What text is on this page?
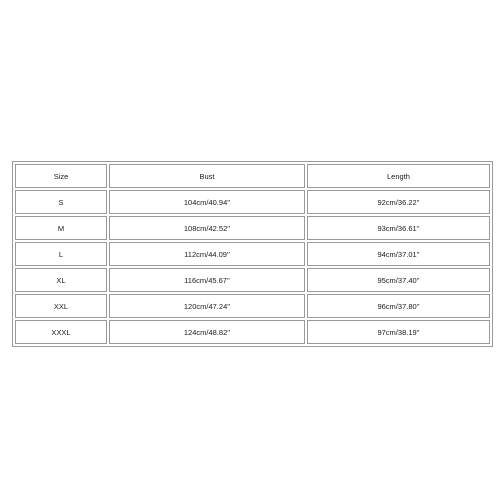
Size	Bust	Length
S	104cm/40.94''	92cm/36.22''
M	108cm/42.52''	93cm/36.61''
L	112cm/44.09''	94cm/37.01''
XL	116cm/45.67''	95cm/37.40''
XXL	120cm/47.24''	96cm/37.80''
XXXL	124cm/48.82''	97cm/38.19''
